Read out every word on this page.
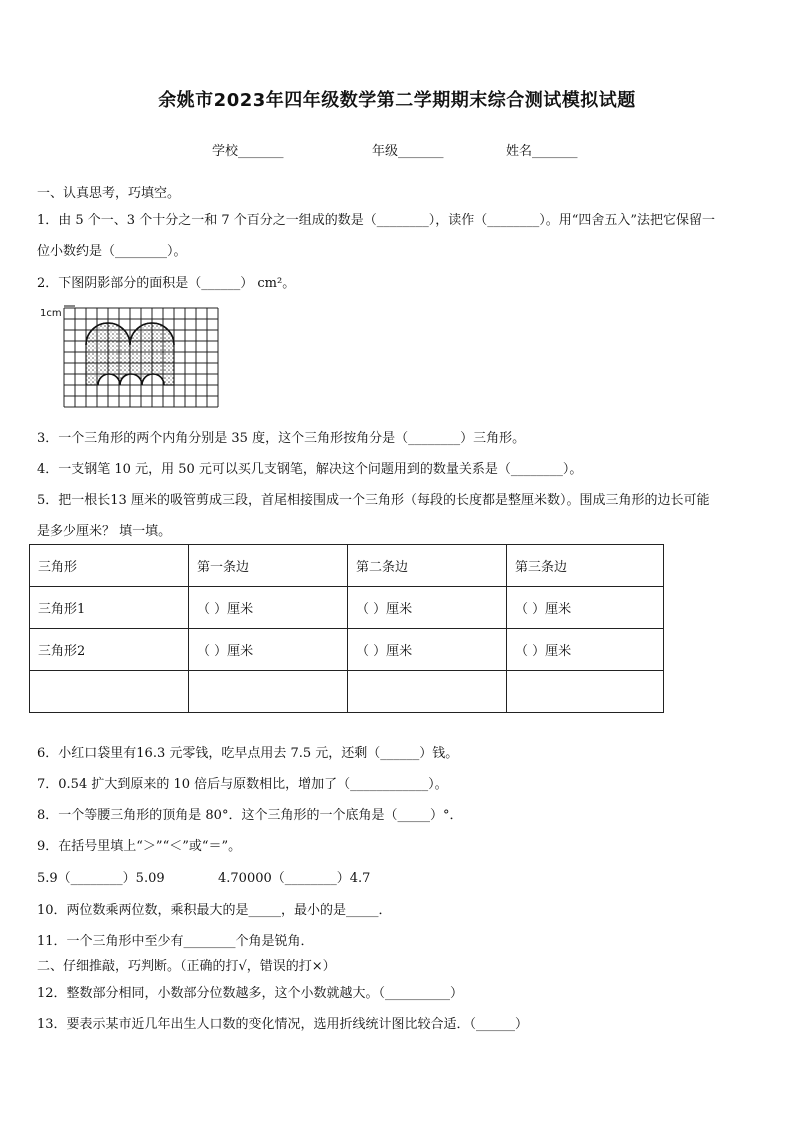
余姚市2023年四年级数学第二学期期末综合测试模拟试题
学校_______	年级_______	姓名_______
一、认真思考，巧填空。
1．由 5 个一、3 个十分之一和 7 个百分之一组成的数是（________），读作（________）。用“四舍五入”法把它保留一
位小数约是（________）。
2．下图阴影部分的面积是（______） cm²。
1cm
3．一个三角形的两个内角分别是 35 度，这个三角形按角分是（________）三角形。
4．一支钢笔 10 元，用 50 元可以买几支钢笔，解决这个问题用到的数量关系是（________）。
5．把一根长13 厘米的吸管剪成三段，首尾相接围成一个三角形（每段的长度都是整厘米数）。围成三角形的边长可能
是多少厘米？ 填一填。
三角形	第一条边	第二条边	第三条边
三角形1	（ ）厘米	（ ）厘米	（ ）厘米
三角形2	（ ）厘米	（ ）厘米	（ ）厘米

6．小红口袋里有16.3 元零钱，吃早点用去 7.5 元，还剩（______）钱。
7．0.54 扩大到原来的 10 倍后与原数相比，增加了（____________）。
8．一个等腰三角形的顶角是 80°．这个三角形的一个底角是（_____）°．
9．在括号里填上“＞”“＜”或“＝”。
5.9（________）5.09	4.70000（________）4.7
10．两位数乘两位数，乘积最大的是_____，最小的是_____．
11．一个三角形中至少有________个角是锐角．
二、仔细推敲，巧判断。（正确的打√，错误的打×）
12．整数部分相同，小数部分位数越多，这个小数就越大。（__________）
13．要表示某市近几年出生人口数的变化情况，选用折线统计图比较合适．（______）
